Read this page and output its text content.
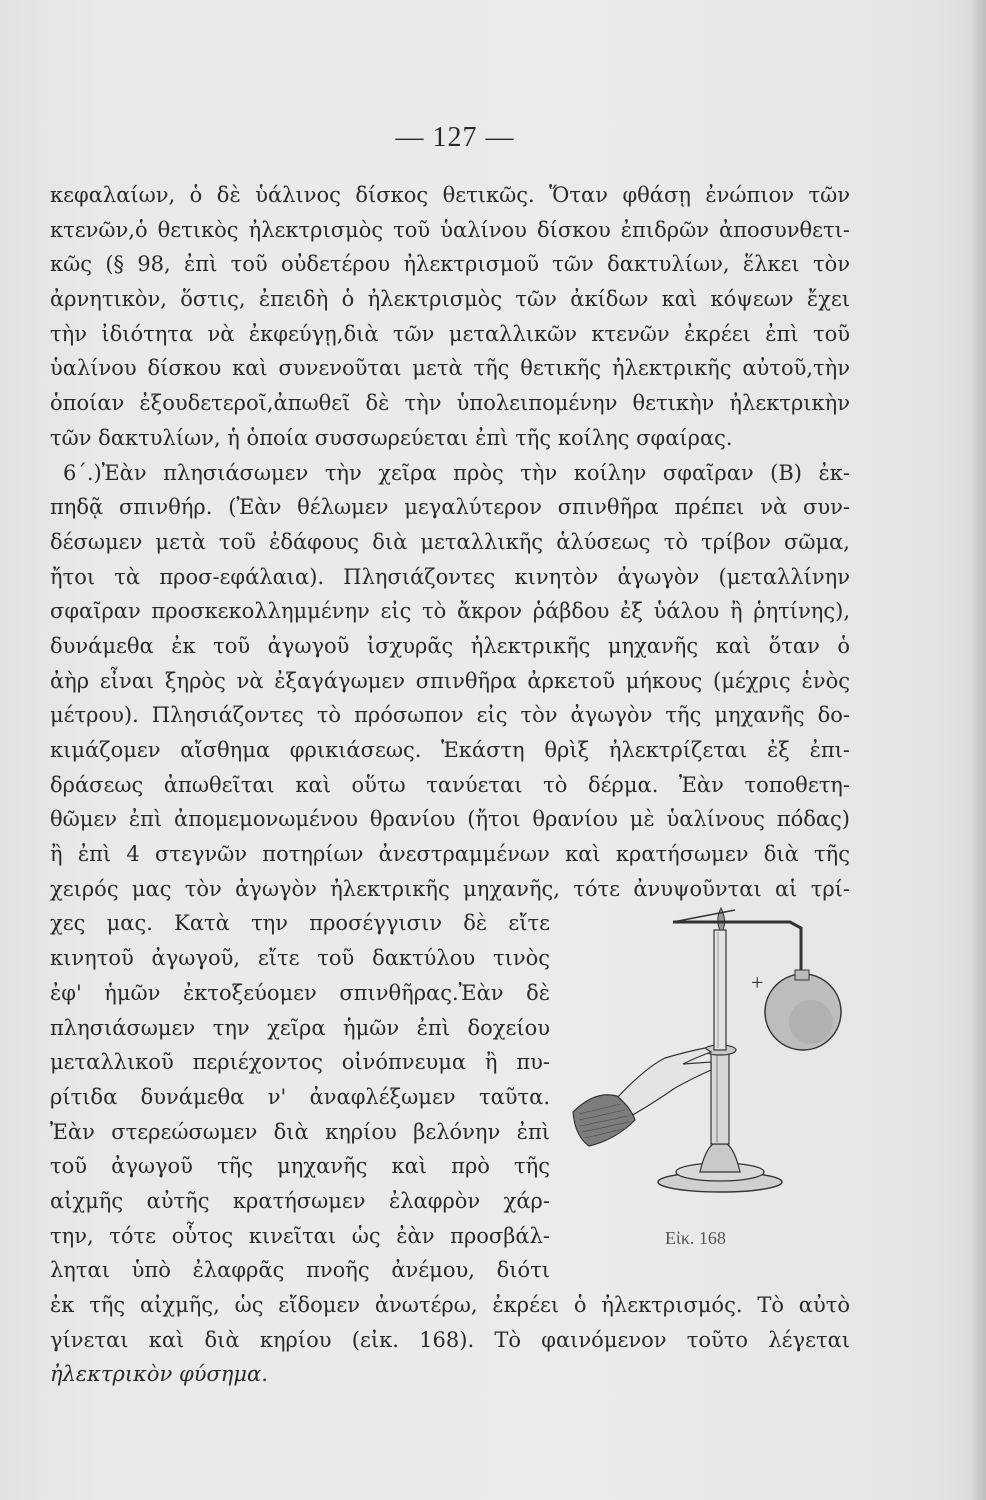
— 127 —
κεφαλαίων, ὁ δὲ ὑάλινος δίσκος θετικῶς. Ὅταν φθάσῃ ἐνώπιον τῶν
κτενῶν,ὁ θετικὸς ἠλεκτρισμὸς τοῦ ὑαλίνου δίσκου ἐπιδρῶν ἀποσυνθετι-
κῶς (§ 98, ἐπὶ τοῦ οὐδετέρου ἠλεκτρισμοῦ τῶν δακτυλίων, ἕλκει τὸν
ἀρνητικὸν, ὅστις, ἐπειδὴ ὁ ἠλεκτρισμὸς τῶν ἀκίδων καὶ κόψεων ἔχει
τὴν ἰδιότητα νὰ ἐκφεύγῃ,διὰ τῶν μεταλλικῶν κτενῶν ἐκρέει ἐπὶ τοῦ
ὑαλίνου δίσκου καὶ συνενοῦται μετὰ τῆς θετικῆς ἠλεκτρικῆς αὐτοῦ,τὴν
ὁποίαν ἐξουδετεροῖ,ἀπωθεῖ δὲ τὴν ὑπολειπομένην θετικὴν ἠλεκτρικὴν
τῶν δακτυλίων, ἡ ὁποία συσσωρεύεται ἐπὶ τῆς κοίλης σφαίρας.
6΄.)Ἐὰν πλησιάσωμεν τὴν χεῖρα πρὸς τὴν κοίλην σφαῖραν (B) ἐκ-
πηδᾷ σπινθήρ. (Ἐὰν θέλωμεν μεγαλύτερον σπινθῆρα πρέπει νὰ συν-
δέσωμεν μετὰ τοῦ ἐδάφους διὰ μεταλλικῆς ἁλύσεως τὸ τρίβον σῶμα,
ἤτοι τὰ προσ-εφάλαια). Πλησιάζοντες κινητὸν ἀγωγὸν (μεταλλίνην
σφαῖραν προσκεκολλημμένην εἰς τὸ ἄκρον ῥάβδου ἐξ ὑάλου ἢ ῥητίνης),
δυνάμεθα ἐκ τοῦ ἀγωγοῦ ἰσχυρᾶς ἠλεκτρικῆς μηχανῆς καὶ ὅταν ὁ
ἀὴρ εἶναι ξηρὸς νὰ ἐξαγάγωμεν σπινθῆρα ἀρκετοῦ μήκους (μέχρις ἑνὸς
μέτρου). Πλησιάζοντες τὸ πρόσωπον εἰς τὸν ἀγωγὸν τῆς μηχανῆς δο-
κιμάζομεν αἴσθημα φρικιάσεως. Ἑκάστη θρὶξ ἠλεκτρίζεται ἐξ ἐπι-
δράσεως ἀπωθεῖται καὶ οὕτω τανύεται τὸ δέρμα. Ἐὰν τοποθετη-
θῶμεν ἐπὶ ἀπομεμονωμένου θρανίου (ἤτοι θρανίου μὲ ὑαλίνους πόδας)
ἢ ἐπὶ 4 στεγνῶν ποτηρίων ἀνεστραμμένων καὶ κρατήσωμεν διὰ τῆς
χειρός μας τὸν ἀγωγὸν ἠλεκτρικῆς μηχανῆς, τότε ἀνυψοῦνται αἱ τρί-
χες μας. Κατὰ την προσέγγισιν δὲ εἴτε
κινητοῦ ἀγωγοῦ, εἴτε τοῦ δακτύλου τινὸς
ἐφ' ἡμῶν ἐκτοξεύομεν σπινθῆρας.Ἐὰν δὲ
πλησιάσωμεν την χεῖρα ἡμῶν ἐπὶ δοχείου
μεταλλικοῦ περιέχοντος οἰνόπνευμα ἢ πυ-
ρίτιδα δυνάμεθα ν' ἀναφλέξωμεν ταῦτα.
Ἐὰν στερεώσωμεν διὰ κηρίου βελόνην ἐπὶ
τοῦ ἀγωγοῦ τῆς μηχανῆς καὶ πρὸ τῆς
αἰχμῆς αὐτῆς κρατήσωμεν ἐλαφρὸν χάρ-
την, τότε οὗτος κινεῖται ὡς ἐὰν προσβάλ-
ληται ὑπὸ ἐλαφρᾶς πνοῆς ἀνέμου, διότι
ἐκ τῆς αἰχμῆς, ὡς εἴδομεν ἀνωτέρω, ἐκρέει ὁ ἠλεκτρισμός. Τὸ αὐτὸ
γίνεται καὶ διὰ κηρίου (εἰκ. 168). Τὸ φαινόμενον τοῦτο λέγεται
ἠλεκτρικὸν φύσημα.
+
Εἰκ. 168
